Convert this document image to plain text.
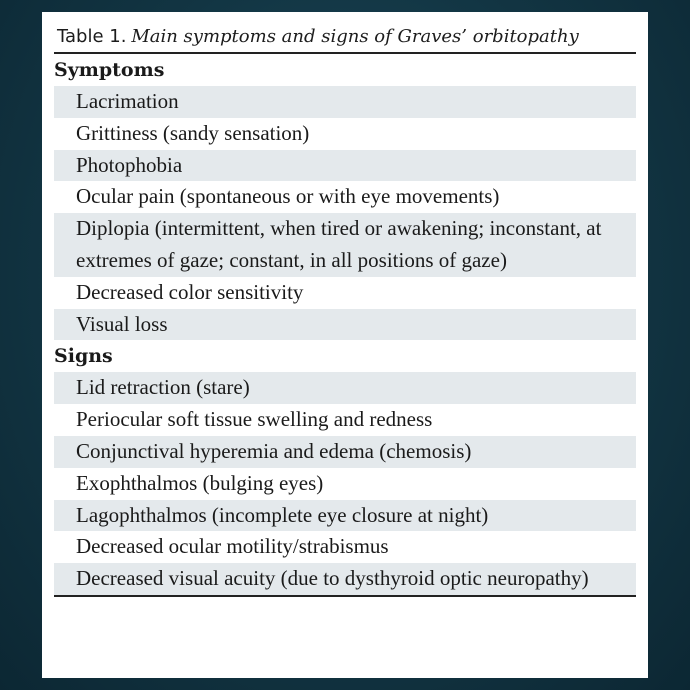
Table 1. Main symptoms and signs of Graves’ orbitopathy
Symptoms
Lacrimation
Grittiness (sandy sensation)
Photophobia
Ocular pain (spontaneous or with eye movements)
Diplopia (intermittent, when tired or awakening; inconstant, at extremes of gaze; constant, in all positions of gaze)
Decreased color sensitivity
Visual loss
Signs
Lid retraction (stare)
Periocular soft tissue swelling and redness
Conjunctival hyperemia and edema (chemosis)
Exophthalmos (bulging eyes)
Lagophthalmos (incomplete eye closure at night)
Decreased ocular motility/strabismus
Decreased visual acuity (due to dysthyroid optic neuropathy)
